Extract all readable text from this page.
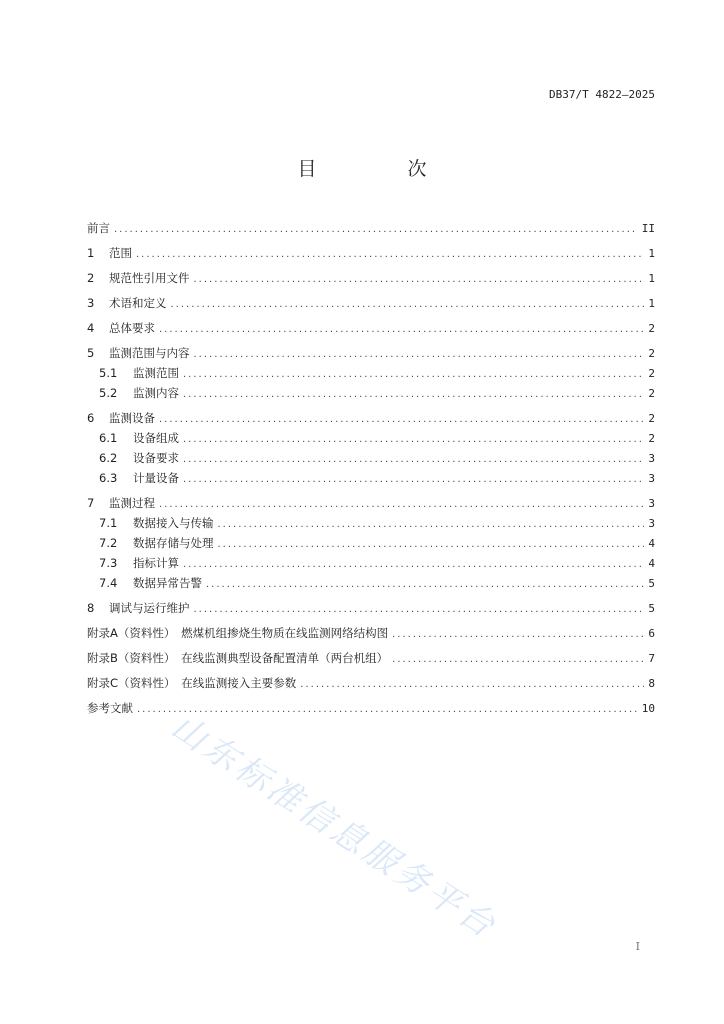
DB37/T 4822—2025
目　次
前言 .....	II
1 范围 .....	1
2 规范性引用文件 .....	1
3 术语和定义 .....	1
4 总体要求 .....	2
5 监测范围与内容 .....	2
5.1 监测范围 .....	2
5.2 监测内容 .....	2
6 监测设备 .....	2
6.1 设备组成 .....	2
6.2 设备要求 .....	3
6.3 计量设备 .....	3
7 监测过程 .....	3
7.1 数据接入与传输 .....	3
7.2 数据存储与处理 .....	4
7.3 指标计算 .....	4
7.4 数据异常告警 .....	5
8 调试与运行维护 .....	5
附录A（资料性）　燃煤机组掺烧生物质在线监测网络结构图 .....	6
附录B（资料性）　在线监测典型设备配置清单（两台机组） .....	7
附录C（资料性）　在线监测接入主要参数 .....	8
参考文献 .....	10
山东标准信息服务平台	I
